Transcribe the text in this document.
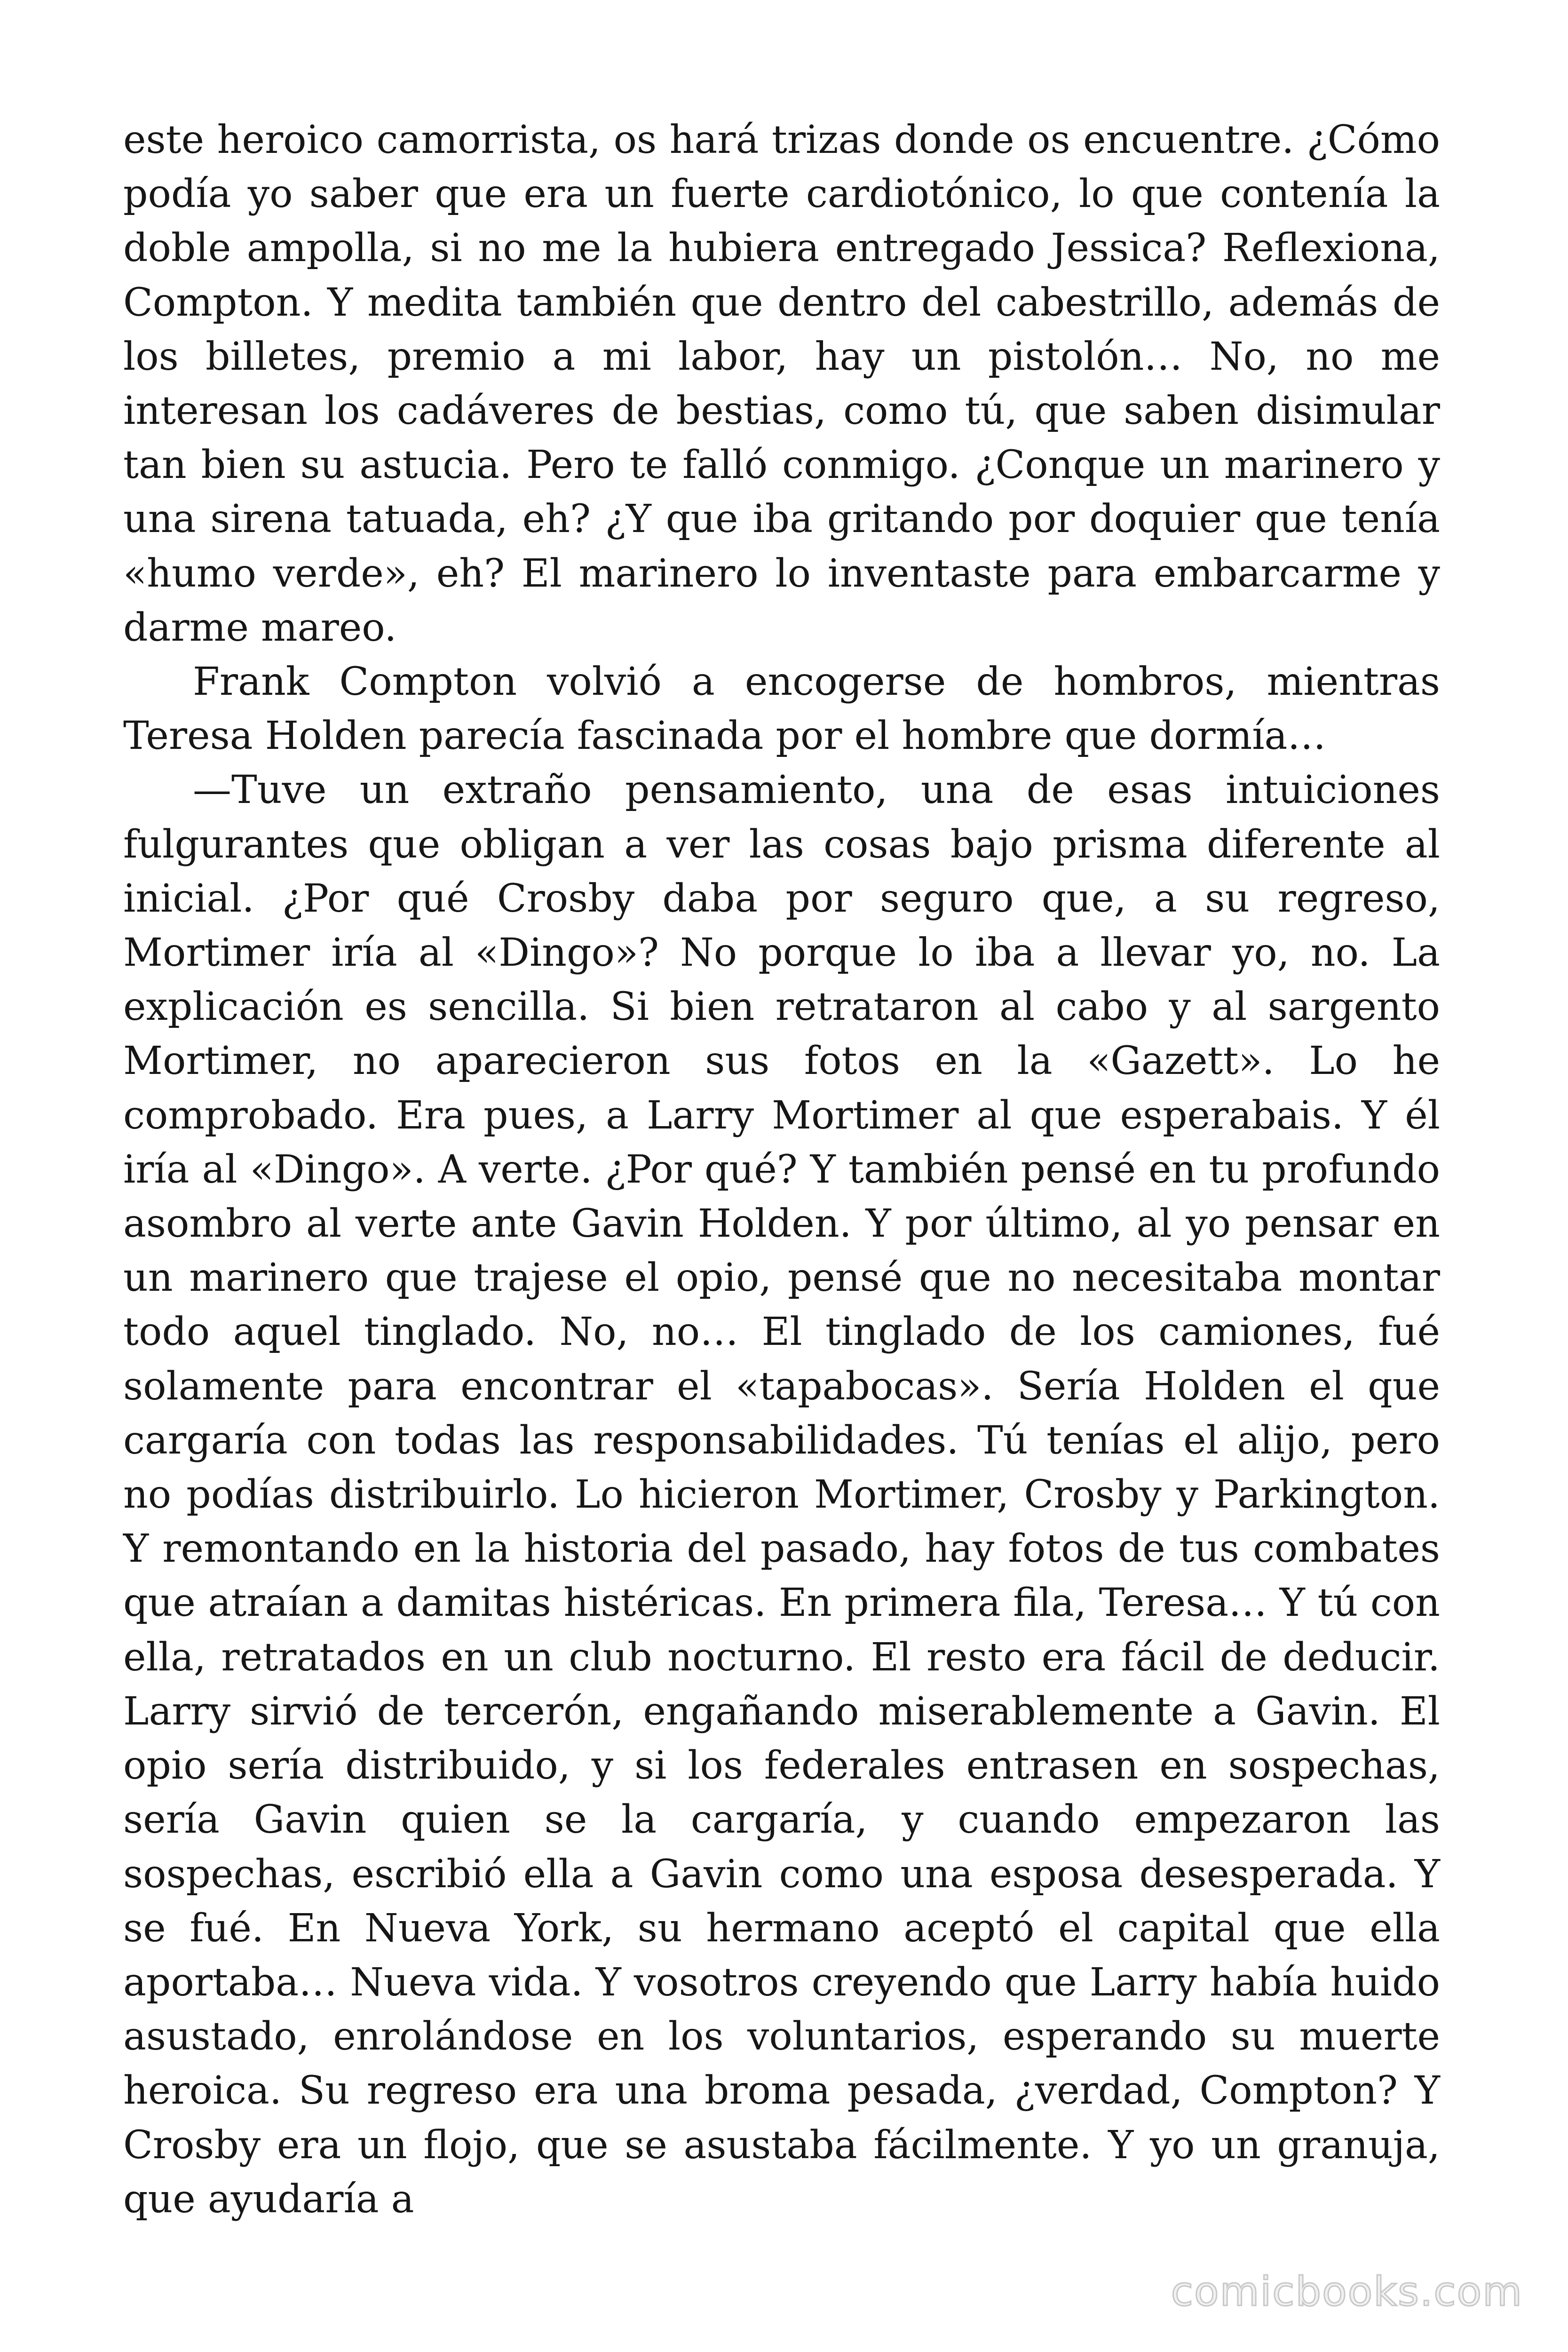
este heroico camorrista, os hará trizas donde os encuentre. ¿Cómo podía yo saber que era un fuerte cardiotónico, lo que contenía la doble ampolla, si no me la hubiera entregado Jessica? Reflexiona, Compton. Y medita también que dentro del cabestrillo, además de los billetes, premio a mi labor, hay un pistolón… No, no me interesan los cadáveres de bestias, como tú, que saben disimular tan bien su astucia. Pero te falló conmigo. ¿Conque un marinero y una sirena tatuada, eh? ¿Y que iba gritando por doquier que tenía «humo verde», eh? El marinero lo inventaste para embarcarme y darme mareo.

Frank Compton volvió a encogerse de hombros, mientras Teresa Holden parecía fascinada por el hombre que dormía…

—Tuve un extraño pensamiento, una de esas intuiciones fulgurantes que obligan a ver las cosas bajo prisma diferente al inicial. ¿Por qué Crosby daba por seguro que, a su regreso, Mortimer iría al «Dingo»? No porque lo iba a llevar yo, no. La explicación es sencilla. Si bien retrataron al cabo y al sargento Mortimer, no aparecieron sus fotos en la «Gazett». Lo he comprobado. Era pues, a Larry Mortimer al que esperabais. Y él iría al «Dingo». A verte. ¿Por qué? Y también pensé en tu profundo asombro al verte ante Gavin Holden. Y por último, al yo pensar en un marinero que trajese el opio, pensé que no necesitaba montar todo aquel tinglado. No, no… El tinglado de los camiones, fué solamente para encontrar el «tapabocas». Sería Holden el que cargaría con todas las responsabilidades. Tú tenías el alijo, pero no podías distribuirlo. Lo hicieron Mortimer, Crosby y Parkington. Y remontando en la historia del pasado, hay fotos de tus combates que atraían a damitas histéricas. En primera fila, Teresa… Y tú con ella, retratados en un club nocturno. El resto era fácil de deducir. Larry sirvió de tercerón, engañando miserablemente a Gavin. El opio sería distribuido, y si los federales entrasen en sospechas, sería Gavin quien se la cargaría, y cuando empezaron las sospechas, escribió ella a Gavin como una esposa desesperada. Y se fué. En Nueva York, su hermano aceptó el capital que ella aportaba… Nueva vida. Y vosotros creyendo que Larry había huido asustado, enrolándose en los voluntarios, esperando su muerte heroica. Su regreso era una broma pesada, ¿verdad, Compton? Y Crosby era un flojo, que se asustaba fácilmente. Y yo un granuja, que ayudaría a

comicbooks.com
